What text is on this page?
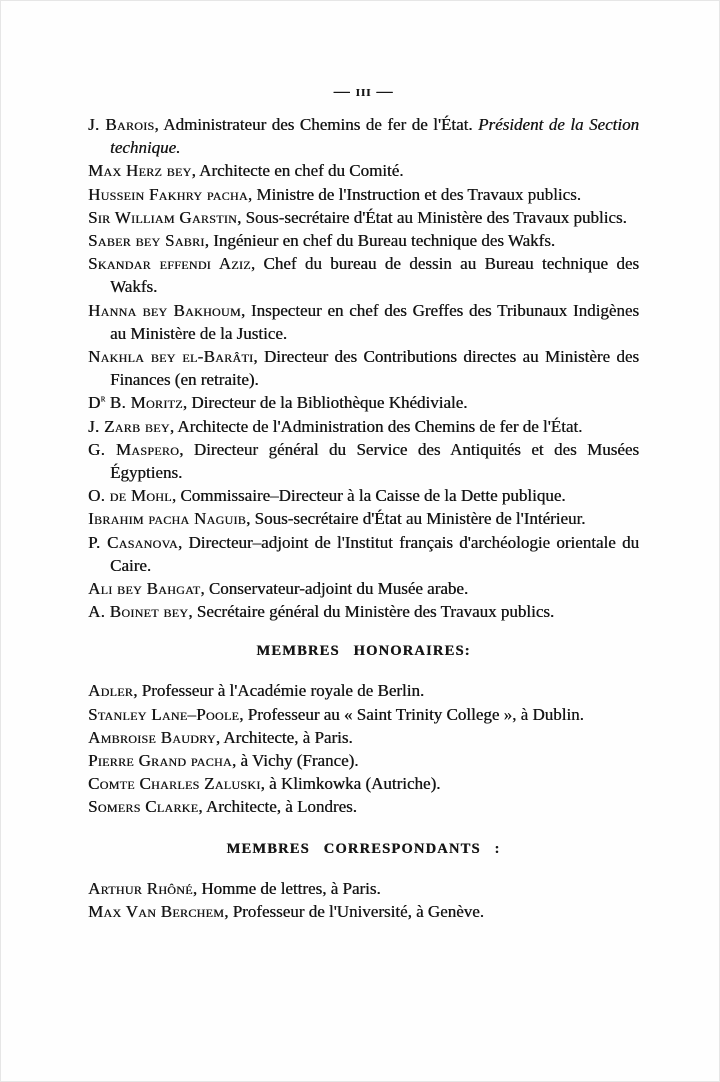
— iii —

J. Barois, Administrateur des Chemins de fer de l'État. Président de la Section technique.

Max Herz bey, Architecte en chef du Comité.

Hussein Fakhry pacha, Ministre de l'Instruction et des Travaux publics.

Sir William Garstin, Sous-secrétaire d'État au Ministère des Travaux publics.

Saber bey Sabri, Ingénieur en chef du Bureau technique des Wakfs.

Skandar effendi Aziz, Chef du bureau de dessin au Bureau technique des Wakfs.

Hanna bey Bakhoum, Inspecteur en chef des Greffes des Tribunaux Indigènes au Ministère de la Justice.

Nakhla bey el-Barâti, Directeur des Contributions directes au Ministère des Finances (en retraite).

$D^r$ B. Moritz, Directeur de la Bibliothèque Khédiviale.

J. Zarb bey, Architecte de l'Administration des Chemins de fer de l'État.

G. Maspero, Directeur général du Service des Antiquités et des Musées Égyptiens.

O. de Mohl, Commissaire–Directeur à la Caisse de la Dette publique.

Ibrahim pacha Naguib, Sous-secrétaire d'État au Ministère de l'Intérieur.

P. Casanova, Directeur–adjoint de l'Institut français d'archéologie orientale du Caire.

Ali bey Bahgat, Conservateur-adjoint du Musée arabe.

A. Boinet bey, Secrétaire général du Ministère des Travaux publics.

MEMBRES HONORAIRES:

Adler, Professeur à l'Académie royale de Berlin.

Stanley Lane–Poole, Professeur au « Saint Trinity College », à Dublin.

Ambroise Baudry, Architecte, à Paris.

Pierre Grand pacha, à Vichy (France).

Comte Charles Zaluski, à Klimkowka (Autriche).

Somers Clarke, Architecte, à Londres.

MEMBRES CORRESPONDANTS :

Arthur Rhôné, Homme de lettres, à Paris.

Max Van Berchem, Professeur de l'Université, à Genève.
